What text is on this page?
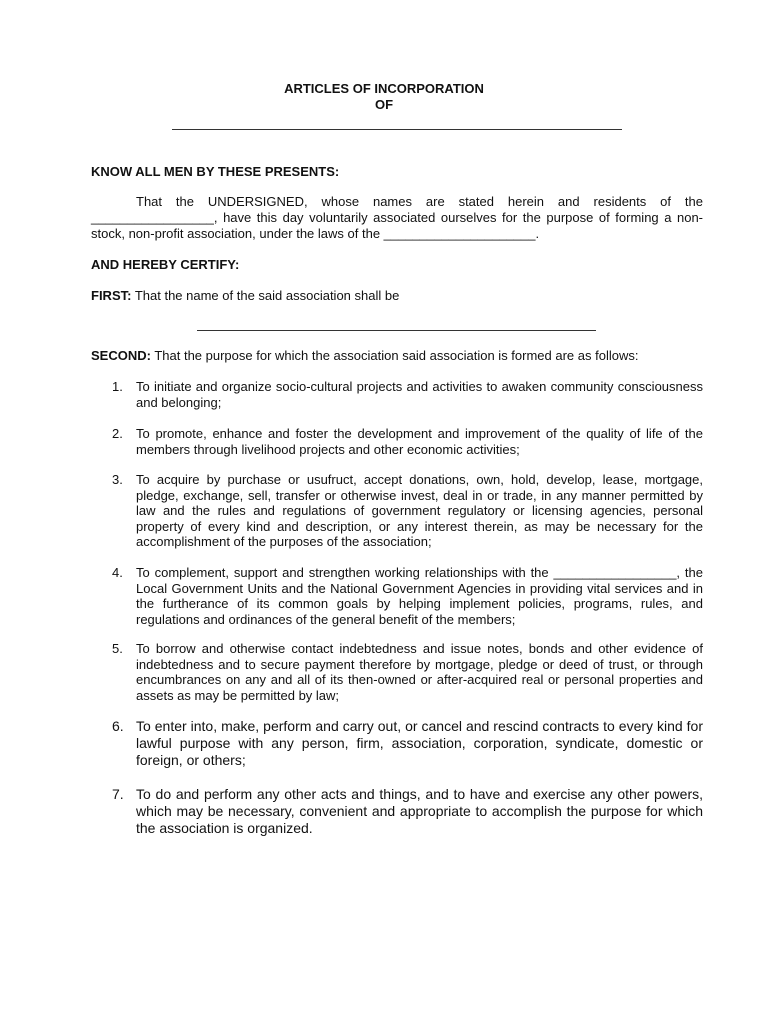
ARTICLES OF INCORPORATION
OF
KNOW ALL MEN BY THESE PRESENTS:
That the UNDERSIGNED, whose names are stated herein and residents of the _________________, have this day voluntarily associated ourselves for the purpose of forming a non-stock, non-profit association, under the laws of the _____________________.
AND HEREBY CERTIFY:
FIRST: That the name of the said association shall be
SECOND: That the purpose for which the association said association is formed are as follows:
1.	To initiate and organize socio-cultural projects and activities to awaken community consciousness and belonging;
2.	To promote, enhance and foster the development and improvement of the quality of life of the members through livelihood projects and other economic activities;
3.	To acquire by purchase or usufruct, accept donations, own, hold, develop, lease, mortgage, pledge, exchange, sell, transfer or otherwise invest, deal in or trade, in any manner permitted by law and the rules and regulations of government regulatory or licensing agencies, personal property of every kind and description, or any interest therein, as may be necessary for the accomplishment of the purposes of the association;
4.	To complement, support and strengthen working relationships with the _________________, the Local Government Units and the National Government Agencies in providing vital services and in the furtherance of its common goals by helping implement policies, programs, rules, and regulations and ordinances of the general benefit of the members;
5.	To borrow and otherwise contact indebtedness and issue notes, bonds and other evidence of indebtedness and to secure payment therefore by mortgage, pledge or deed of trust, or through encumbrances on any and all of its then-owned or after-acquired real or personal properties and assets as may be permitted by law;
6. To enter into, make, perform and carry out, or cancel and rescind contracts to every kind for lawful purpose with any person, firm, association, corporation, syndicate, domestic or foreign, or others;
7. To do and perform any other acts and things, and to have and exercise any other powers, which may be necessary, convenient and appropriate to accomplish the purpose for which the association is organized.
